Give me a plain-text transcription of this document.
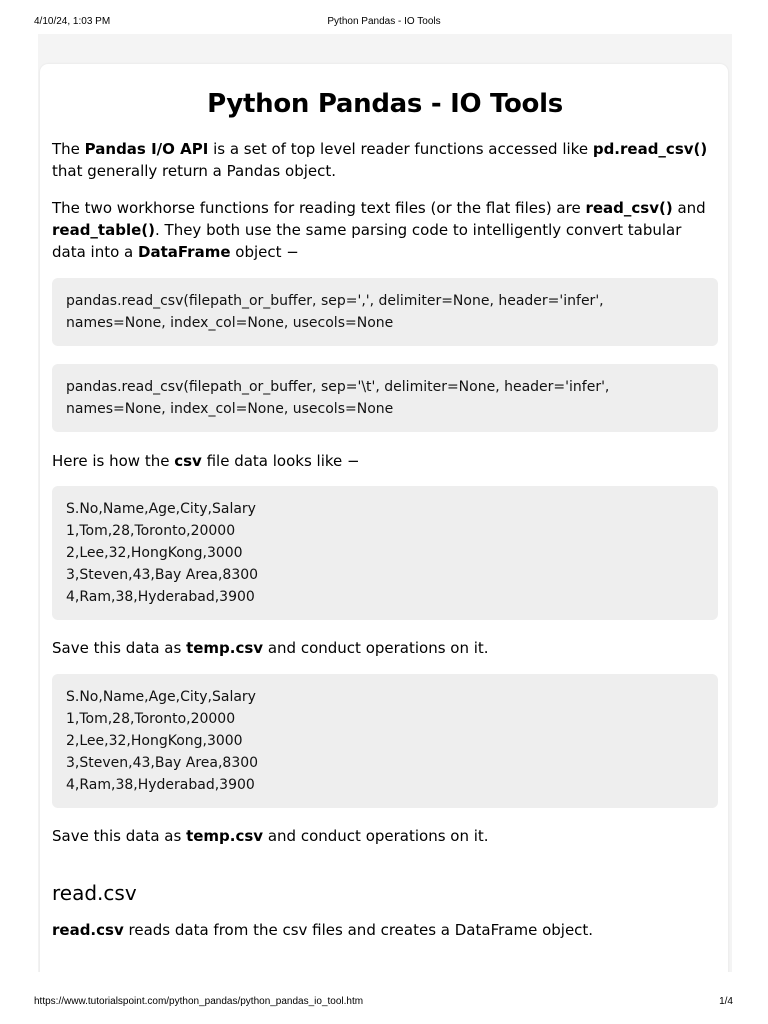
4/10/24, 1:03 PM	Python Pandas - IO Tools
Python Pandas - IO Tools

The Pandas I/O API is a set of top level reader functions accessed like pd.read_csv() that generally return a Pandas object.

The two workhorse functions for reading text files (or the flat files) are read_csv() and read_table(). They both use the same parsing code to intelligently convert tabular data into a DataFrame object −

pandas.read_csv(filepath_or_buffer, sep=',', delimiter=None, header='infer',
names=None, index_col=None, usecols=None
pandas.read_csv(filepath_or_buffer, sep='\t', delimiter=None, header='infer',
names=None, index_col=None, usecols=None

Here is how the csv file data looks like −

S.No,Name,Age,City,Salary
1,Tom,28,Toronto,20000
2,Lee,32,HongKong,3000
3,Steven,43,Bay Area,8300
4,Ram,38,Hyderabad,3900

Save this data as temp.csv and conduct operations on it.

S.No,Name,Age,City,Salary
1,Tom,28,Toronto,20000
2,Lee,32,HongKong,3000
3,Steven,43,Bay Area,8300
4,Ram,38,Hyderabad,3900

Save this data as temp.csv and conduct operations on it.

read.csv

read.csv reads data from the csv files and creates a DataFrame object.

https://www.tutorialspoint.com/python_pandas/python_pandas_io_tool.htm	1/4
